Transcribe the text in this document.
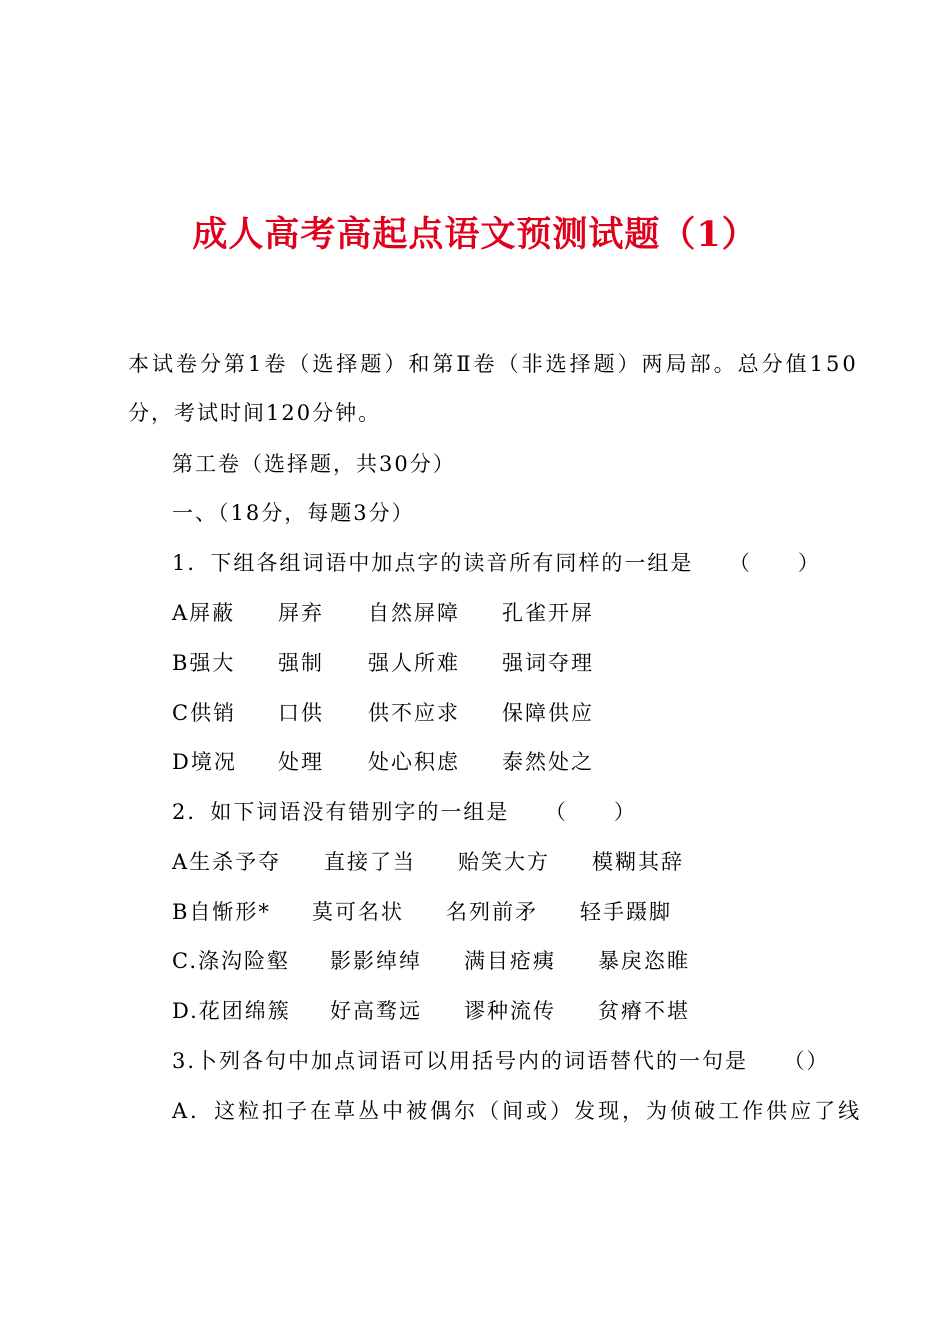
成人高考高起点语文预测试题（1）
本试卷分第1卷（选择题）和第Ⅱ卷（非选择题）两局部。总分值150
分，考试时间120分钟。
第工卷（选择题，共30分）
一、（18分，每题3分）
1．下组各组词语中加点字的读音所有同样的一组是　　（　　）
A屏蔽 屏弃 自然屏障 孔雀开屏
B强大 强制 强人所难 强词夺理
C供销 口供 供不应求 保障供应
D境况 处理 处心积虑 泰然处之
2．如下词语没有错别字的一组是　　（　　）
A生杀予夺 直接了当 贻笑大方 模糊其辞
B自惭形* 莫可名状 名列前矛 轻手蹑脚
C.涤沟险壑 影影绰绰 满目疮痍 暴戾恣睢
D.花团绵簇 好高骛远 谬种流传 贫瘠不堪
3.卜列各句中加点词语可以用括号内的词语替代的一句是　　（）
A．这粒扣子在草丛中被偶尔（间或）发现，为侦破工作供应了线
